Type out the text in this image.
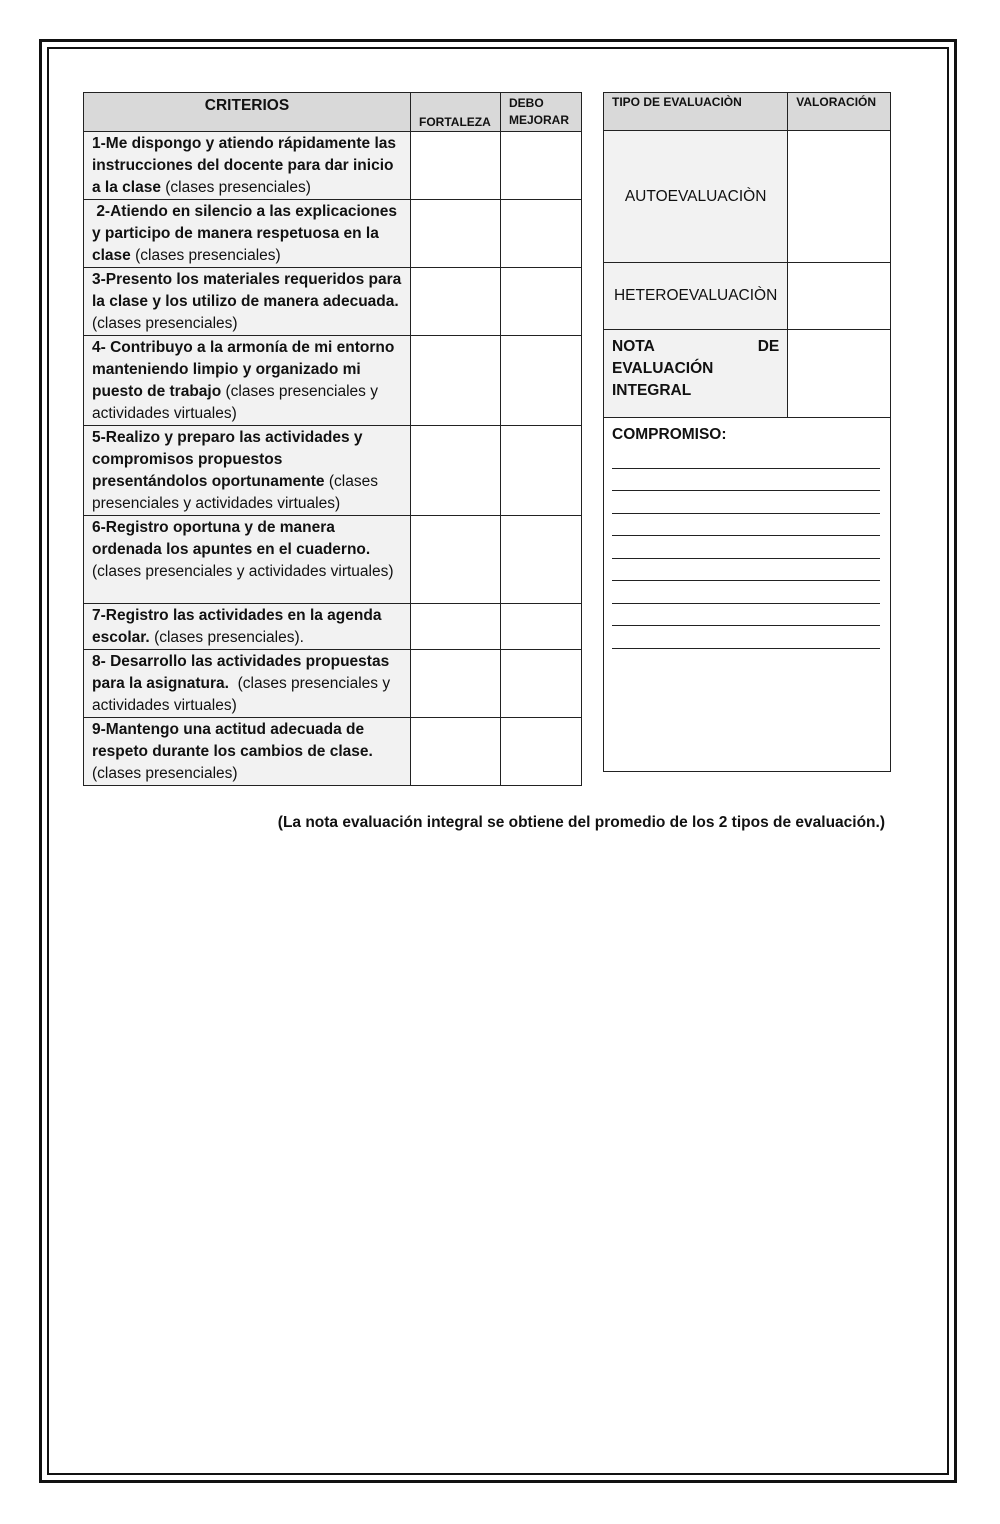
CRITERIOS	FORTALEZA	DEBO MEJORAR
1-Me dispongo y atiendo rápidamente las instrucciones del docente para dar inicio a la clase (clases presenciales)		
2-Atiendo en silencio a las explicaciones y participo de manera respetuosa en la clase (clases presenciales)		
3-Presento los materiales requeridos para la clase y los utilizo de manera adecuada. (clases presenciales)		
4- Contribuyo a la armonía de mi entorno manteniendo limpio y organizado mi puesto de trabajo (clases presenciales y actividades virtuales)		
5-Realizo y preparo las actividades y compromisos propuestos presentándolos oportunamente (clases presenciales y actividades virtuales)		
6-Registro oportuna y de manera ordenada los apuntes en el cuaderno. (clases presenciales y actividades virtuales)		
7-Registro las actividades en la agenda escolar. (clases presenciales).		
8- Desarrollo las actividades propuestas para la asignatura.  (clases presenciales y actividades virtuales)		
9-Mantengo una actitud adecuada de respeto durante los cambios de clase. (clases presenciales)		
TIPO DE EVALUACIÒN	VALORACIÓN
AUTOEVALUACIÒN	
HETEROEVALUACIÒN	

NOTA DE
EVALUACIÓN
INTEGRAL	

COMPROMISO:	
(La nota evaluación integral se obtiene del promedio de los 2 tipos de evaluación.)
